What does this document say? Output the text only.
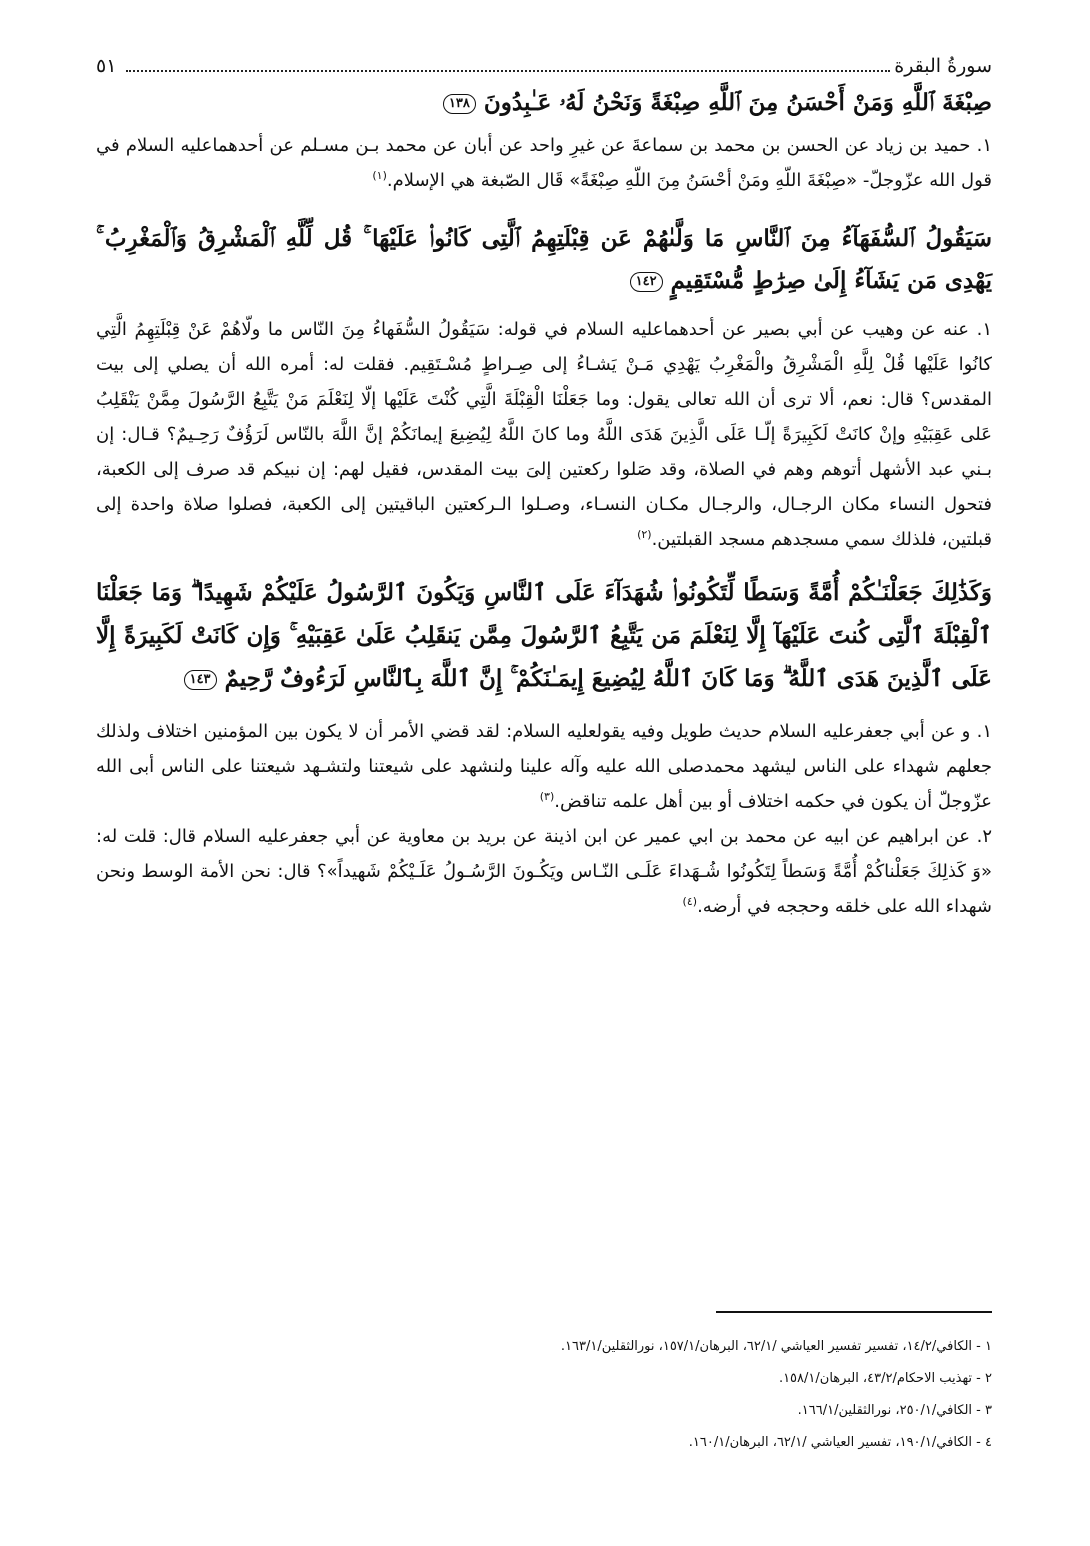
سورةُ البقرة
٥١

صِبْغَةَ ٱللَّهِ وَمَنْ أَحْسَنُ مِنَ ٱللَّهِ صِبْغَةً وَنَحْنُ لَهُۥ عَـٰبِدُونَ ١٣٨

١. حميد بن زياد عن الحسن بن محمد بن سماعةَ عن غيرِ واحد عن أبان عن محمد بـن مسـلم عن أحدهماعليه السلام في قول الله عزّوجلّ- «صِبْغَةَ اللّهِ ومَنْ أحْسَنُ مِنَ اللّهِ صِبْغَةً» قَال الصّبغة هي الإسلام.$^{(١)}$

سَيَقُولُ ٱلسُّفَهَآءُ مِنَ ٱلنَّاسِ مَا وَلَّىٰهُمْ عَن قِبْلَتِهِمُ ٱلَّتِى كَانُوا۟ عَلَيْهَا ۚ قُل لِّلَّهِ ٱلْمَشْرِقُ وَٱلْمَغْرِبُ ۚ يَهْدِى مَن يَشَآءُ إِلَىٰ صِرَٰطٍ مُّسْتَقِيمٍ ١٤٢

١. عنه عن وهيب عن أبي بصير عن أحدهماعليه السلام في قوله: سَيَقُولُ السُّفَهاءُ مِنَ النّاس ما ولّاهُمْ عَنْ قِبْلَتِهِمُ الَّتِي كانُوا عَلَيْها قُلْ لِلَّهِ الْمَشْرِقُ والْمَغْرِبُ يَهْدِي مَـنْ يَشـاءُ إلى صِـراطٍ مُسْـتَقِيم. فقلت له: أمره الله أن يصلي إلى بيت المقدس؟ قال: نعم، ألا ترى أن الله تعالى يقول: وما جَعَلْنَا الْقِبْلَةَ الَّتِي كُنْتَ عَلَيْها إلّا لِنَعْلَمَ مَنْ يَتَّبِعُ الرَّسُولَ مِمَّنْ يَنْقَلِبُ عَلى عَقِبَيْهِ وإنْ كانَتْ لَكَبِيرَةً إلّـا عَلَى الَّذِينَ هَدَى اللَّهُ وما كانَ اللَّهُ لِيُضِيعَ إيمانَكُمْ إنَّ اللَّهَ بالنّاس لَرَؤُفٌ رَحِـيمٌ؟ قـال: إن بـني عبد الأشهل أتوهم وهم في الصلاة، وقد صَلوا ركعتين إلىَ بيت المقدس، فقيل لهم: إن نبيكم قد صرف إلى الكعبة، فتحول النساء مكان الرجـال، والرجـال مكـان النسـاء، وصـلوا الـركعتين الباقيتين إلى الكعبة، فصلوا صلاة واحدة إلى قبلتين، فلذلك سمي مسجدهم مسجد القبلتين.$^{(٢)}$

وَكَذَٰلِكَ جَعَلْنَـٰكُمْ أُمَّةً وَسَطًا لِّتَكُونُوا۟ شُهَدَآءَ عَلَى ٱلنَّاسِ وَيَكُونَ ٱلرَّسُولُ عَلَيْكُمْ شَهِيدًا ۗ وَمَا جَعَلْنَا ٱلْقِبْلَةَ ٱلَّتِى كُنتَ عَلَيْهَآ إِلَّا لِنَعْلَمَ مَن يَتَّبِعُ ٱلرَّسُولَ مِمَّن يَنقَلِبُ عَلَىٰ عَقِبَيْهِ ۚ وَإِن كَانَتْ لَكَبِيرَةً إِلَّا عَلَى ٱلَّذِينَ هَدَى ٱللَّهُ ۗ وَمَا كَانَ ٱللَّهُ لِيُضِيعَ إِيمَـٰنَكُمْ ۚ إِنَّ ٱللَّهَ بِٱلنَّاسِ لَرَءُوفٌ رَّحِيمٌ ١٤٣

١. و عن أبي جعفرعليه السلام حديث طويل وفيه يقولعليه السلام: لقد قضي الأمر أن لا يكون بين المؤمنين اختلاف ولذلك جعلهم شهداء على الناس ليشهد محمدصلى الله عليه وآله علينا ولنشهد على شيعتنا ولتشـهد شيعتنا على الناس أبى الله عزّوجلّ أن يكون في حكمه اختلاف أو بين أهل علمه تناقض.$^{(٣)}$

٢. عن ابراهيم عن ابيه عن محمد بن ابي عمير عن ابن اذينة عن بريد بن معاوية عن أبي جعفرعليه السلام قال: قلت له: «وَ كَذلِكَ جَعَلْناكُمْ أُمَّةً وَسَطاً لِتَكُونُوا شُـهَداءَ عَلَـى النّـاس ويَكُـونَ الرَّسُـولُ عَلَـيْكُمْ شَهيداً»؟ قال: نحن الأمة الوسط ونحن شهداء الله على خلقه وحججه في أرضه.$^{(٤)}$

١ - الكافي/١٤/٢، تفسير تفسير العياشي /٦٢/١، البرهان/١٥٧/١، نورالثقلين/١٦٣/١.

٢ - تهذيب الاحكام/٤٣/٢، البرهان/١٥٨/١.

٣ - الكافي/٢٥٠/١، نورالثقلين/١٦٦/١.

٤ - الكافي/١٩٠/١، تفسير العياشي /٦٢/١، البرهان/١٦٠/١.
